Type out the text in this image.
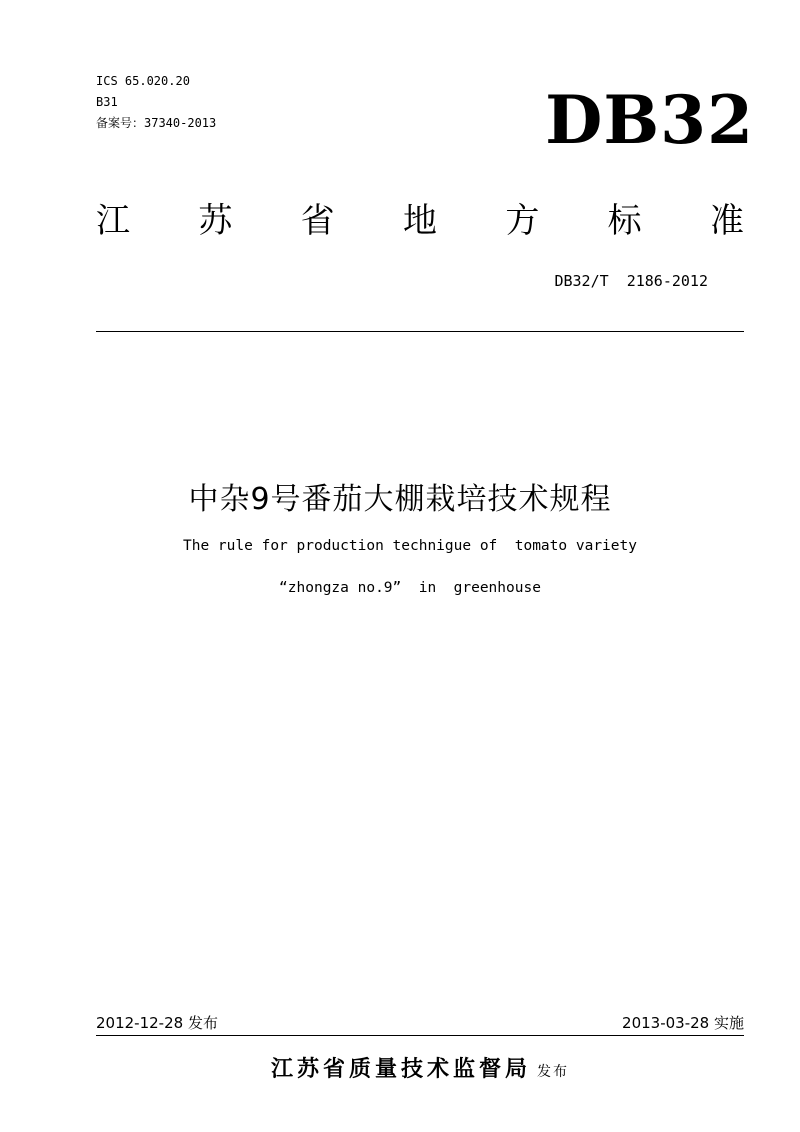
ICS 65.020.20
B31
备案号：37340-2013	DB32
江 苏 省 地 方 标 准
DB32/T  2186-2012
中杂9号番茄大棚栽培技术规程
The rule for production technigue of  tomato variety
“zhongza no.9”  in  greenhouse
2012-12-28 发布	2013-03-28 实施
江苏省质量技术监督局 发布
